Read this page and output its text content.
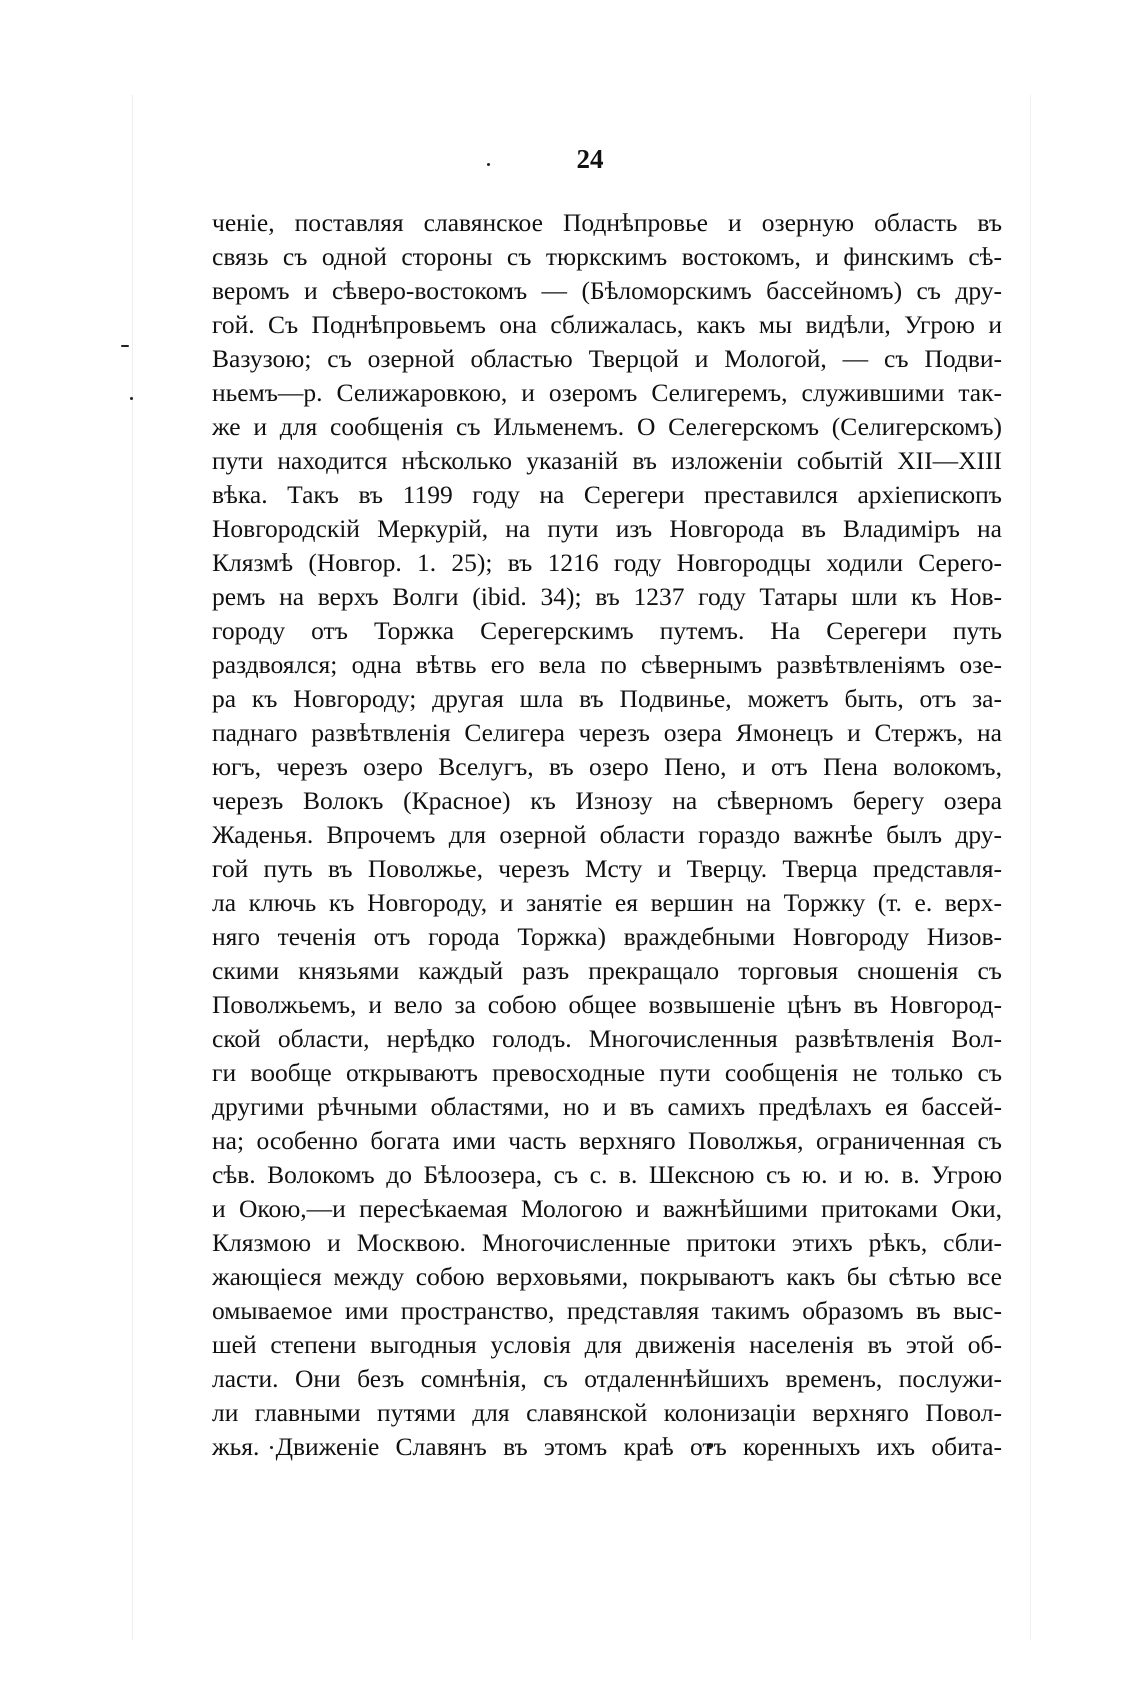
24
ченіе, поставляя славянское Поднѣпровье и озерную область въ
связь съ одной стороны съ тюркскимъ востокомъ, и финскимъ сѣ-
веромъ и сѣверо-востокомъ — (Бѣломорскимъ бассейномъ) съ дру-
гой. Съ Поднѣпровьемъ она сближалась, какъ мы видѣли, Угрою и
Вазузою; съ озерной областью Тверцой и Мологой, — съ Подви-
ньемъ—р. Селижаровкою, и озеромъ Селигеремъ, служившими так-
же и для сообщенія съ Ильменемъ. О Селегерскомъ (Селигерскомъ)
пути находится нѣсколько указаній въ изложеніи событій XII—XIII
вѣка. Такъ въ 1199 году на Серегери преставился архіепископъ
Новгородскій Меркурій, на пути изъ Новгорода въ Владиміръ на
Клязмѣ (Новгор. 1. 25); въ 1216 году Новгородцы ходили Серего-
ремъ на верхъ Волги (ibid. 34); въ 1237 году Татары шли къ Нов-
городу отъ Торжка Серегерскимъ путемъ. На Серегери путь
раздвоялся; одна вѣтвь его вела по сѣвернымъ развѣтвленіямъ озе-
ра къ Новгороду; другая шла въ Подвинье, можетъ быть, отъ за-
паднаго развѣтвленія Селигера черезъ озера Ямонецъ и Стержъ, на
югъ, черезъ озеро Вселугъ, въ озеро Пено, и отъ Пена волокомъ,
черезъ Волокъ (Красное) къ Изнозу на сѣверномъ берегу озера
Жаденья. Впрочемъ для озерной области гораздо важнѣе былъ дру-
гой путь въ Поволжье, черезъ Мсту и Тверцу. Тверца представля-
ла ключь къ Новгороду, и занятіе ея вершин на Торжку (т. е. верх-
няго теченія отъ города Торжка) враждебными Новгороду Низов-
скими князьями каждый разъ прекращало торговыя сношенія съ
Поволжьемъ, и вело за собою общее возвышеніе цѣнъ въ Новгород-
ской области, нерѣдко голодъ. Многочисленныя развѣтвленія Вол-
ги вообще открываютъ превосходные пути сообщенія не только съ
другими рѣчными областями, но и въ самихъ предѣлахъ ея бассей-
на; особенно богата ими часть верхняго Поволжья, ограниченная съ
сѣв. Волокомъ до Бѣлоозера, съ с. в. Шексною съ ю. и ю. в. Угрою
и Окою,—и пересѣкаемая Мологою и важнѣйшими притоками Оки,
Клязмою и Москвою. Многочисленные притоки этихъ рѣкъ, сбли-
жающіеся между собою верховьями, покрываютъ какъ бы сѣтью все
омываемое ими пространство, представляя такимъ образомъ въ выс-
шей степени выгодныя условія для движенія населенія въ этой об-
ласти. Они безъ сомнѣнія, съ отдаленнѣйшихъ временъ, послужи-
ли главными путями для славянской колонизаціи верхняго Повол-
жья. Движеніе Славянъ въ этомъ краѣ отъ коренныхъ ихъ обита-
